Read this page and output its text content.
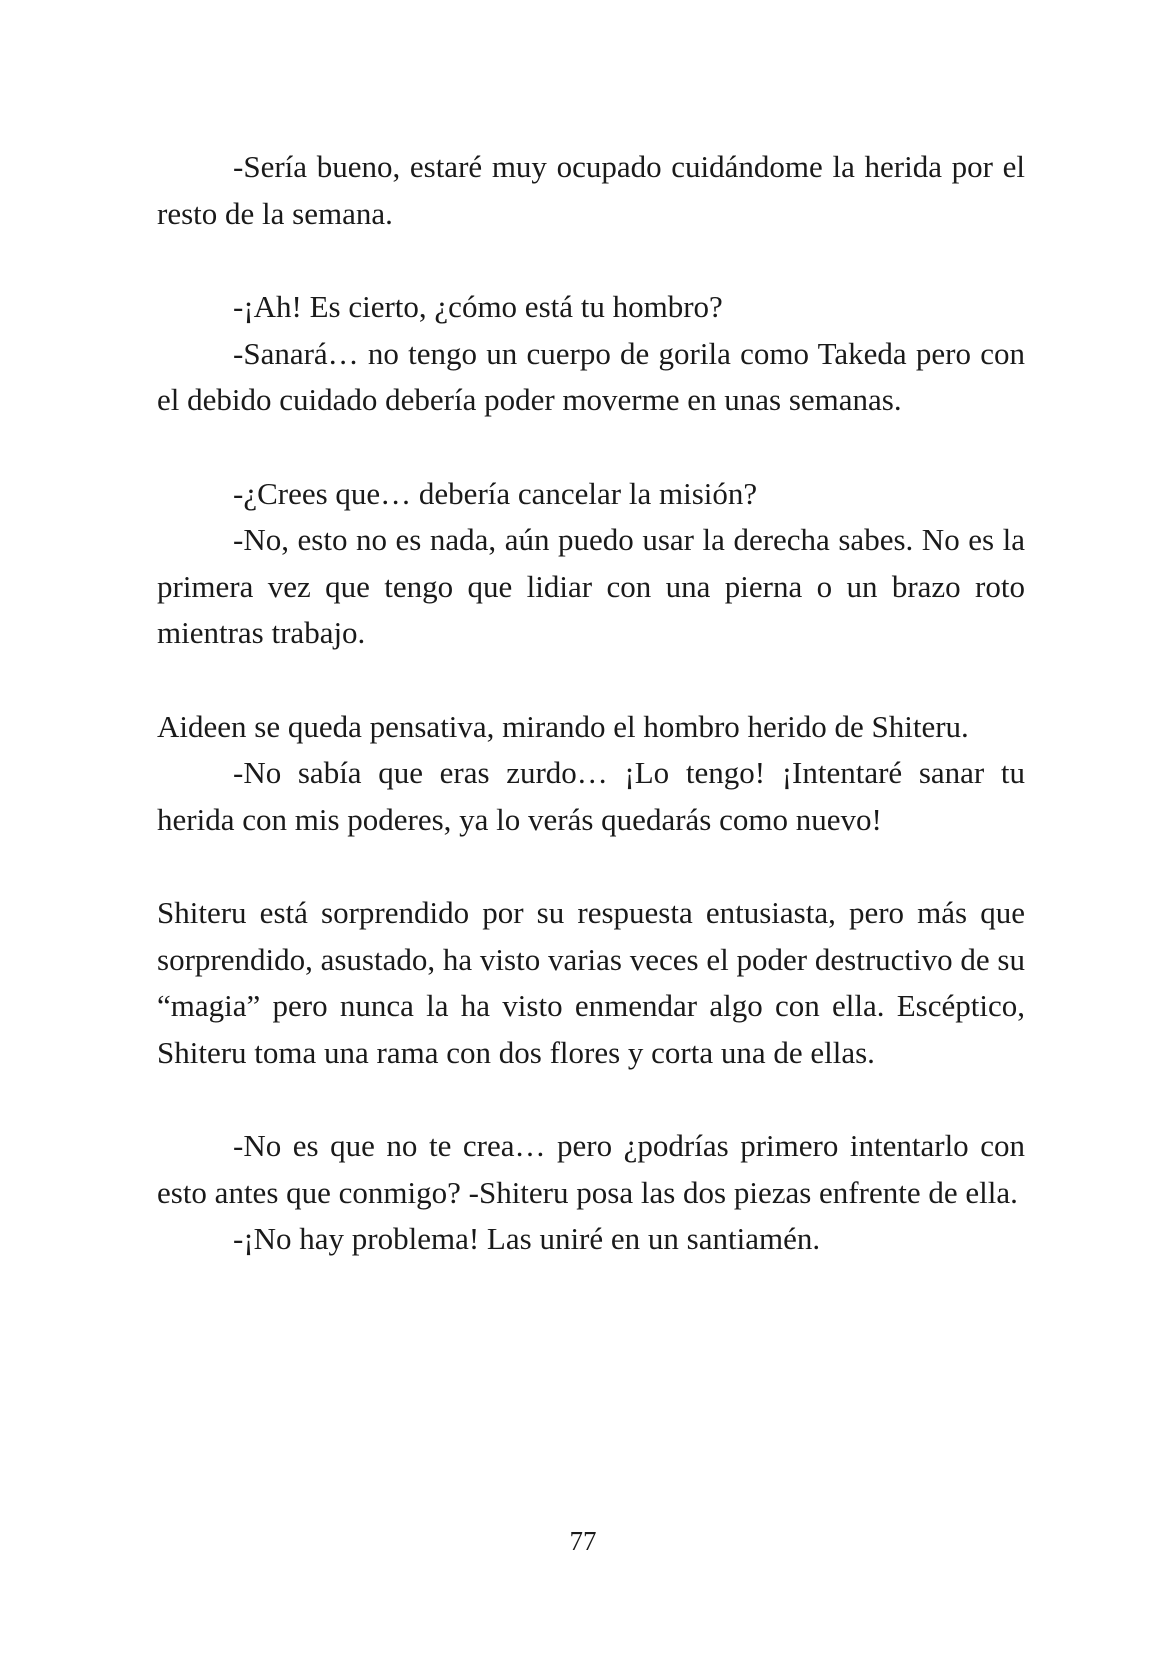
-Sería bueno, estaré muy ocupado cuidándome la herida por el resto de la semana.

-¡Ah! Es cierto, ¿cómo está tu hombro?

-Sanará… no tengo un cuerpo de gorila como Takeda pero con el debido cuidado debería poder moverme en unas semanas.

-¿Crees que… debería cancelar la misión?

-No, esto no es nada, aún puedo usar la derecha sabes. No es la primera vez que tengo que lidiar con una pierna o un brazo roto mientras trabajo.

Aideen se queda pensativa, mirando el hombro herido de Shiteru.

-No sabía que eras zurdo… ¡Lo tengo! ¡Intentaré sanar tu herida con mis poderes, ya lo verás quedarás como nuevo!

Shiteru está sorprendido por su respuesta entusiasta, pero más que sorprendido, asustado, ha visto varias veces el poder destructivo de su “magia” pero nunca la ha visto enmendar algo con ella. Escéptico, Shiteru toma una rama con dos flores y corta una de ellas.

-No es que no te crea… pero ¿podrías primero intentarlo con esto antes que conmigo? -Shiteru posa las dos piezas enfrente de ella.

-¡No hay problema! Las uniré en un santiamén.

77
